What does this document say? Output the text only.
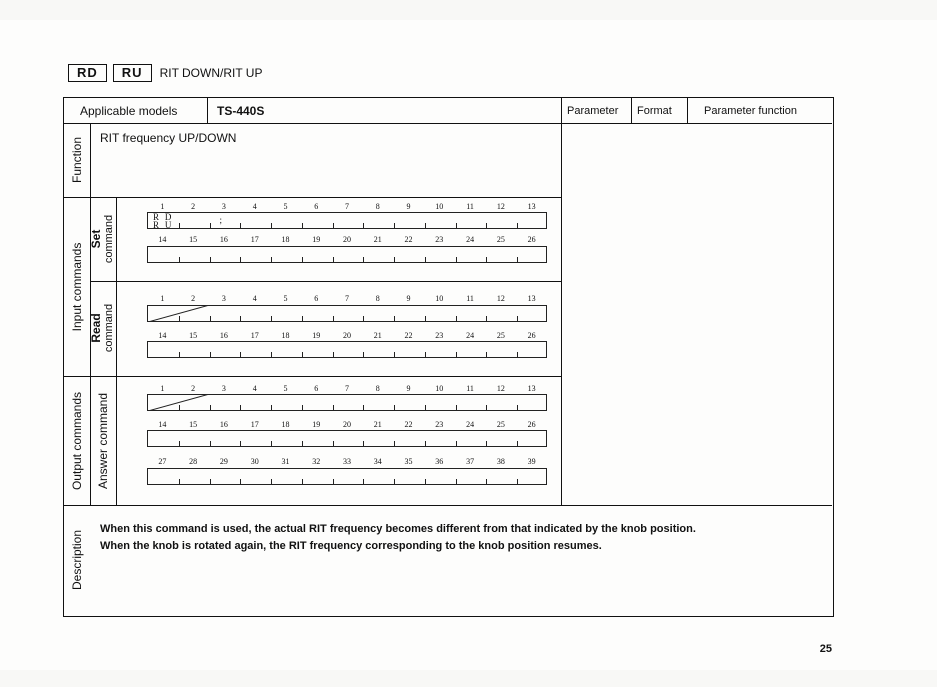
RD	RU	RIT DOWN/RIT UP
Applicable models	TS-440S	Parameter Format	Parameter function
RIT frequency UP/DOWN
Function
Input commands
Output commands
Description
Set command
Read command
Answer command
When this command is used, the actual RIT frequency becomes different from that indicated by the knob position.
When the knob is rotated again, the RIT frequency corresponding to the knob position resumes.
1	2	3	4	5	6	7	8	9	10	11	12	13
R D
R U	;
14	15	16	17	18	19	20	21	22	23	24	25	26
1	2	3	4	5	6	7	8	9	10	11	12	13
14	15	16	17	18	19	20	21	22	23	24	25	26
1	2	3	4	5	6	7	8	9	10	11	12	13
14	15	16	17	18	19	20	21	22	23	24	25	26
27	28	29	30	31	32	33	34	35	36	37	38	39
25
